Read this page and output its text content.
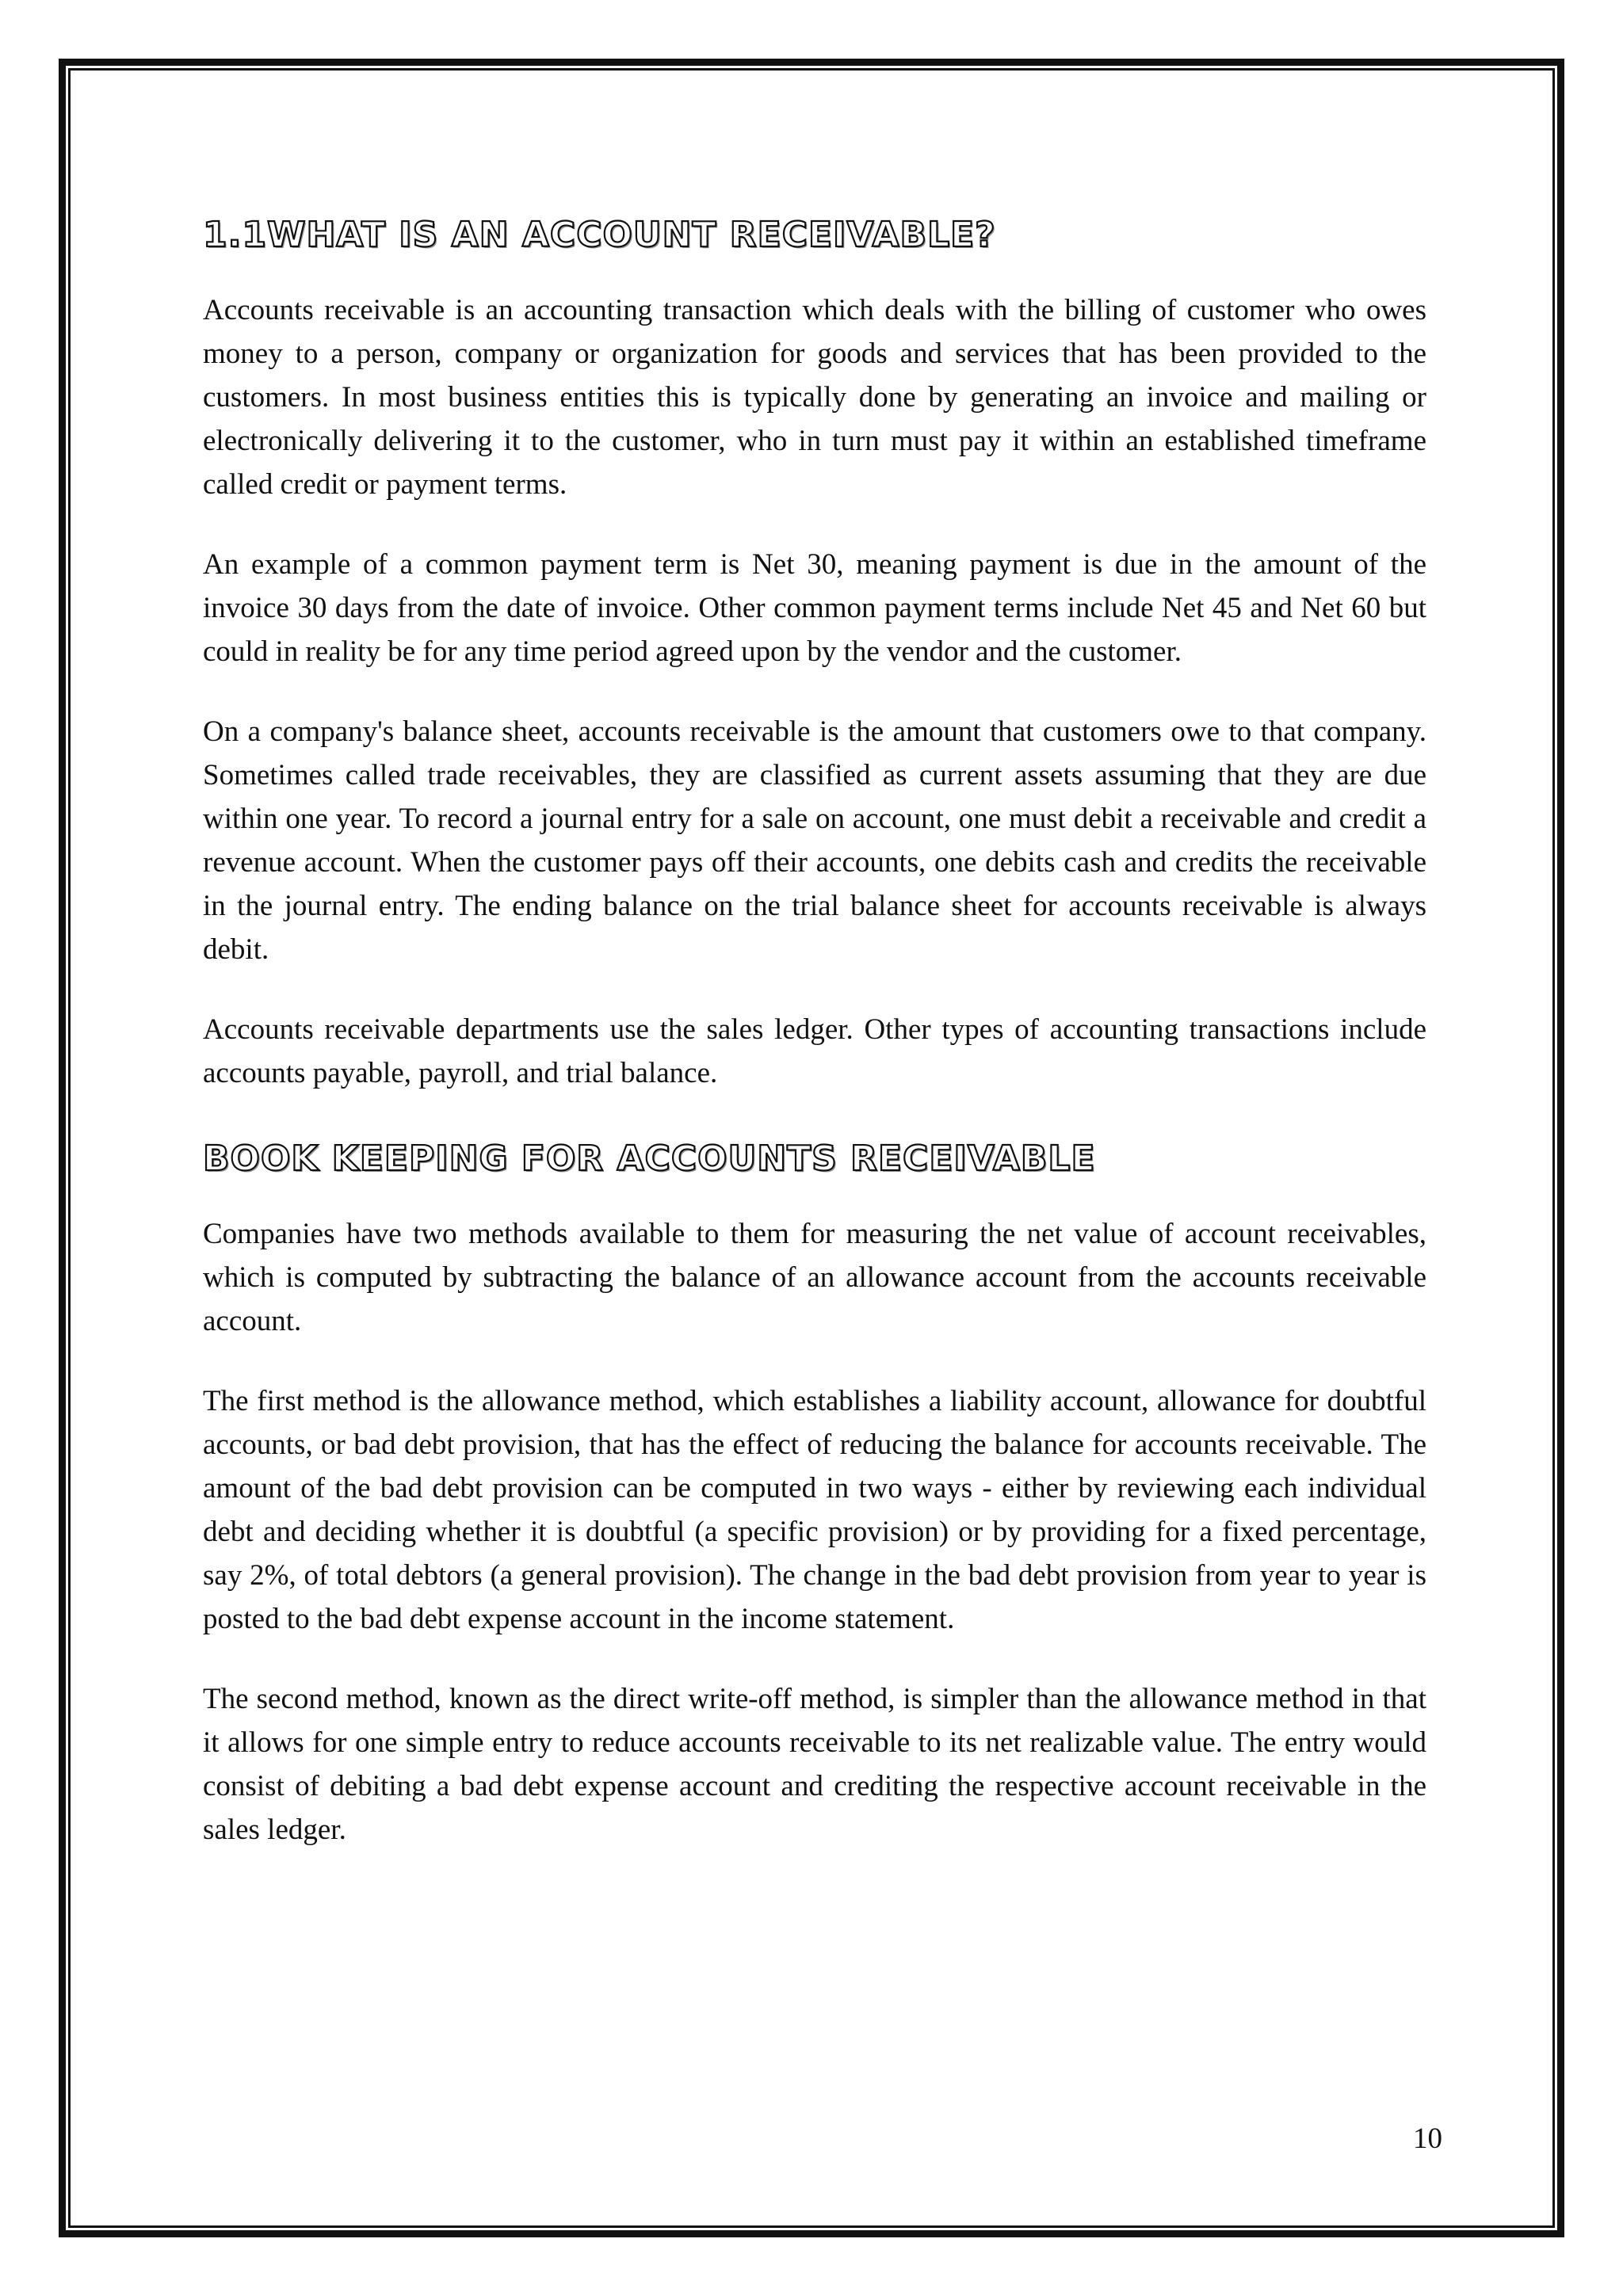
1.1WHAT IS AN ACCOUNT RECEIVABLE?

Accounts receivable is an accounting transaction which deals with the billing of customer who owes money to a person, company or organization for goods and services that has been provided to the customers. In most business entities this is typically done by generating an invoice and mailing or electronically delivering it to the customer, who in turn must pay it within an established timeframe called credit or payment terms.

An example of a common payment term is Net 30, meaning payment is due in the amount of the invoice 30 days from the date of invoice. Other common payment terms include Net 45 and Net 60 but could in reality be for any time period agreed upon by the vendor and the customer.

On a company's balance sheet, accounts receivable is the amount that customers owe to that company. Sometimes called trade receivables, they are classified as current assets assuming that they are due within one year. To record a journal entry for a sale on account, one must debit a receivable and credit a revenue account. When the customer pays off their accounts, one debits cash and credits the receivable in the journal entry. The ending balance on the trial balance sheet for accounts receivable is always debit.

Accounts receivable departments use the sales ledger. Other types of accounting transactions include accounts payable, payroll, and trial balance.

BOOK KEEPING FOR ACCOUNTS RECEIVABLE

Companies have two methods available to them for measuring the net value of account receivables, which is computed by subtracting the balance of an allowance account from the accounts receivable account.

The first method is the allowance method, which establishes a liability account, allowance for doubtful accounts, or bad debt provision, that has the effect of reducing the balance for accounts receivable. The amount of the bad debt provision can be computed in two ways - either by reviewing each individual debt and deciding whether it is doubtful (a specific provision) or by providing for a fixed percentage, say 2%, of total debtors (a general provision). The change in the bad debt provision from year to year is posted to the bad debt expense account in the income statement.

The second method, known as the direct write-off method, is simpler than the allowance method in that it allows for one simple entry to reduce accounts receivable to its net realizable value. The entry would consist of debiting a bad debt expense account and crediting the respective account receivable in the sales ledger.

10
